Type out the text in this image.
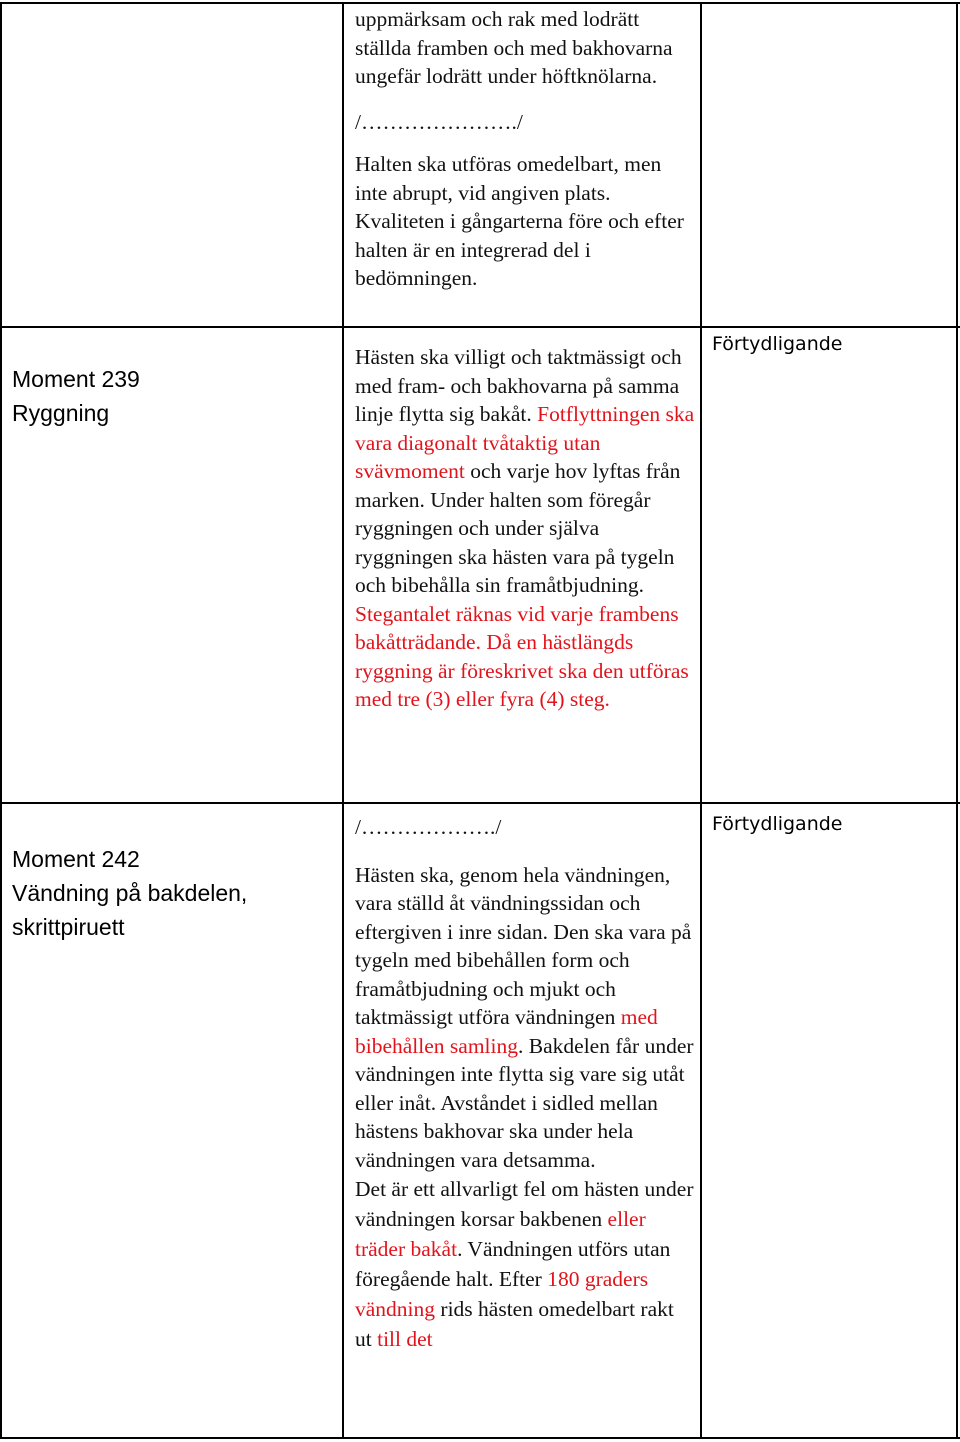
uppmärksam och rak med lodrätt ställda framben och med bakhovarna ungefär lodrätt under höftknölarna.

/…………………./

Halten ska utföras omedelbart, men inte abrupt, vid angiven plats. Kvaliteten i gångarterna före och efter halten är en integrerad del i bedömningen.

Moment 239

Ryggning

Hästen ska villigt och taktmässigt och med fram- och bakhovarna på samma linje flytta sig bakåt. Fotflyttningen ska vara diagonalt tvåtaktig utan svävmoment och varje hov lyftas från marken. Under halten som föregår ryggningen och under själva ryggningen ska hästen vara på tygeln och bibehålla sin framåtbjudning. Stegantalet räknas vid varje frambens bakåtträdande. Då en hästlängds ryggning är föreskrivet ska den utföras med tre (3) eller fyra (4) steg.

Förtydligande

Moment 242

Vändning på bakdelen, skrittpiruett

/………………./

Hästen ska, genom hela vändningen, vara ställd åt vändningssidan och eftergiven i inre sidan. Den ska vara på tygeln med bibehållen form och framåtbjudning och mjukt och taktmässigt utföra vändningen med bibehållen samling. Bakdelen får under vändningen inte flytta sig vare sig utåt eller inåt. Avståndet i sidled mellan hästens bakhovar ska under hela vändningen vara detsamma.

Det är ett allvarligt fel om hästen under vändningen korsar bakbenen eller träder bakåt. Vändningen utförs utan föregående halt. Efter 180 graders vändning rids hästen omedelbart rakt ut till det

Förtydligande
